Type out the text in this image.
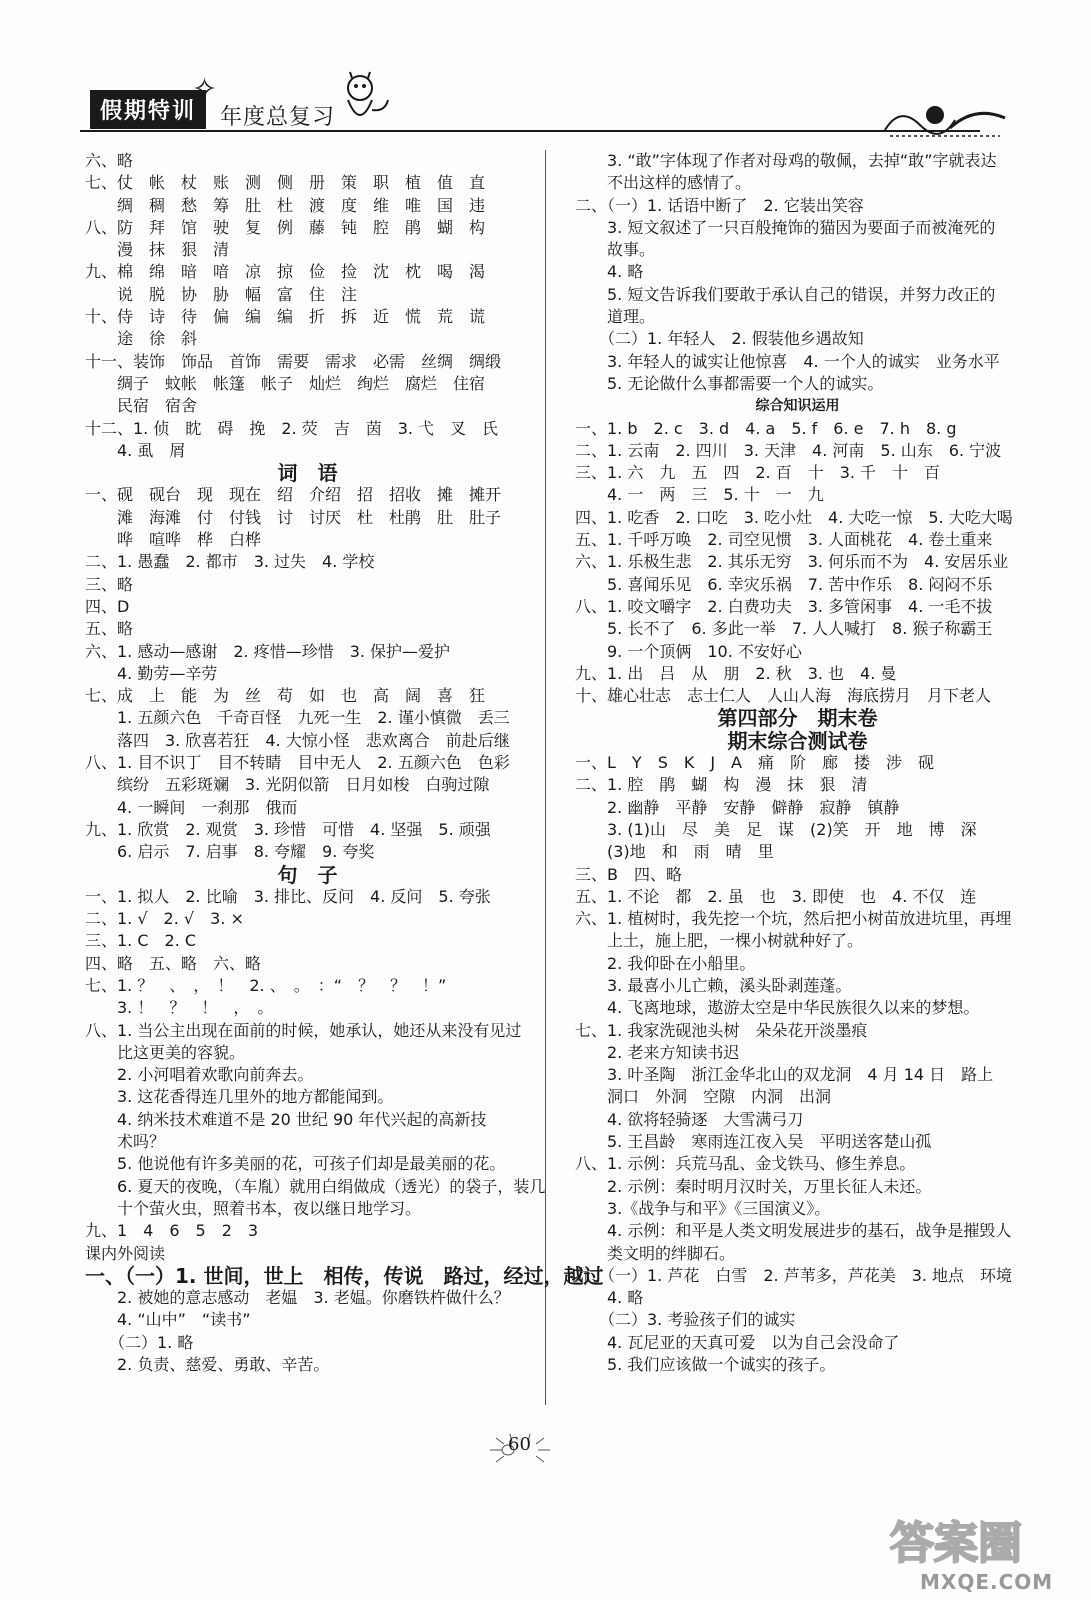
假期特训
✧
年度总复习
六、略
七、仗　帐　杖　账　测　侧　册　策　职　植　值　直
　　绸　稠　愁　筹　肚　杜　渡　度　维　唯　国　违
八、防　拜　馆　驶　复　例　藤　钝　腔　鹃　蝴　构
　　漫　抹　狠　清
九、棉　绵　暗　喑　凉　掠　俭　捡　沈　枕　喝　渴
　　说　脱　协　胁　幅　富　住　注
十、侍　诗　待　偏　编　编　折　拆　近　慌　荒　谎
　　途　徐　斜
十一、装饰　饰品　首饰　需要　需求　必需　丝绸　绸缎
　　绸子　蚊帐　帐篷　帐子　灿烂　绚烂　腐烂　住宿
　　民宿　宿舍
十二、1. 侦　眈　碍　挽　2. 荧　吉　茵　3. 弋　叉　氏
　　4. 虱　屑
词　语
一、砚　砚台　现　现在　绍　介绍　招　招收　摊　摊开
　　滩　海滩　付　付钱　讨　讨厌　杜　杜鹃　肚　肚子
　　哗　喧哗　桦　白桦
二、1. 愚蠢　2. 都市　3. 过失　4. 学校
三、略
四、D
五、略
六、1. 感动—感谢　2. 疼惜—珍惜　3. 保护—爱护
　　4. 勤劳—辛劳
七、成　上　能　为　丝　苟　如　也　高　阔　喜　狂
　　1. 五颜六色　千奇百怪　九死一生　2. 谨小慎微　丢三
　　落四　3. 欣喜若狂　4. 大惊小怪　悲欢离合　前赴后继
八、1. 目不识丁　目不转睛　目中无人　2. 五颜六色　色彩
　　缤纷　五彩斑斓　3. 光阴似箭　日月如梭　白驹过隙
　　4. 一瞬间　一刹那　俄而
九、1. 欣赏　2. 观赏　3. 珍惜　可惜　4. 坚强　5. 顽强
　　6. 启示　7. 启事　8. 夸耀　9. 夸奖
句　子
一、1. 拟人　2. 比喻　3. 排比、反问　4. 反问　5. 夸张
二、1. √　2. √　3. ×
三、1. C　2. C
四、略　五、略　六、略
七、1. ？　、　，　！　2. 、　。　：“　？　？　！”
　　3. ！　？　！　，　。
八、1. 当公主出现在面前的时候，她承认，她还从来没有见过
　　比这更美的容貌。
　　2. 小河唱着欢歌向前奔去。
　　3. 这花香得连几里外的地方都能闻到。
　　4. 纳米技术难道不是 20 世纪 90 年代兴起的高新技
　　术吗？
　　5. 他说他有许多美丽的花，可孩子们却是最美丽的花。
　　6. 夏天的夜晚，（车胤）就用白绢做成（透光）的袋子，装几
　　十个萤火虫，照着书本，夜以继日地学习。
九、1　4　6　5　2　3
课内外阅读
一、（一）1. 世间，世上　相传，传说　路过，经过，越过
　　2. 被她的意志感动　老媪　3. 老媪。你磨铁杵做什么？
　　4. “山中”　“读书”
　　（二）1. 略
　　2. 负责、慈爱、勇敢、辛苦。
　　3. “敢”字体现了作者对母鸡的敬佩，去掉“敢”字就表达
　　不出这样的感情了。
二、（一）1. 话语中断了　2. 它装出笑容
　　3. 短文叙述了一只百般掩饰的猫因为要面子而被淹死的
　　故事。
　　4. 略
　　5. 短文告诉我们要敢于承认自己的错误，并努力改正的
　　道理。
　　（二）1. 年轻人　2. 假装他乡遇故知
　　3. 年轻人的诚实让他惊喜　4. 一个人的诚实　业务水平
　　5. 无论做什么事都需要一个人的诚实。
综合知识运用
一、1. b　2. c　3. d　4. a　5. f　6. e　7. h　8. g
二、1. 云南　2. 四川　3. 天津　4. 河南　5. 山东　6. 宁波
三、1. 六　九　五　四　2. 百　十　3. 千　十　百
　　4. 一　两　三　5. 十　一　九
四、1. 吃香　2. 口吃　3. 吃小灶　4. 大吃一惊　5. 大吃大喝
五、1. 千呼万唤　2. 司空见惯　3. 人面桃花　4. 卷土重来
六、1. 乐极生悲　2. 其乐无穷　3. 何乐而不为　4. 安居乐业
　　5. 喜闻乐见　6. 幸灾乐祸　7. 苦中作乐　8. 闷闷不乐
八、1. 咬文嚼字　2. 白费功夫　3. 多管闲事　4. 一毛不拔
　　5. 长不了　6. 多此一举　7. 人人喊打　8. 猴子称霸王
　　9. 一个顶俩　10. 不安好心
九、1. 出　吕　从　朋　2. 秋　3. 也　4. 曼
十、雄心壮志　志士仁人　人山人海　海底捞月　月下老人
第四部分　期末卷
期末综合测试卷
一、L　Y　S　K　J　A　痛　阶　廊　搂　涉　砚
二、1. 腔　鹃　蝴　构　漫　抹　狠　清
　　2. 幽静　平静　安静　僻静　寂静　镇静
　　3. (1)山　尽　美　足　谋　(2)笑　开　地　博　深
　　(3)地　和　雨　晴　里
三、B　四、略
五、1. 不论　都　2. 虽　也　3. 即使　也　4. 不仅　连
六、1. 植树时，我先挖一个坑，然后把小树苗放进坑里，再埋
　　上土，施上肥，一棵小树就种好了。
　　2. 我仰卧在小船里。
　　3. 最喜小儿亡赖，溪头卧剥莲蓬。
　　4. 飞离地球，遨游太空是中华民族很久以来的梦想。
七、1. 我家洗砚池头树　朵朵花开淡墨痕
　　2. 老来方知读书迟
　　3. 叶圣陶　浙江金华北山的双龙洞　4 月 14 日　路上
　　洞口　外洞　空隙　内洞　出洞
　　4. 欲将轻骑逐　大雪满弓刀
　　5. 王昌龄　寒雨连江夜入吴　平明送客楚山孤
八、1. 示例：兵荒马乱、金戈铁马、修生养息。
　　2. 示例：秦时明月汉时关，万里长征人未还。
　　3.《战争与和平》《三国演义》。
　　4. 示例：和平是人类文明发展进步的基石，战争是摧毁人
　　类文明的绊脚石。
九、（一）1. 芦花　白雪　2. 芦苇多，芦花美　3. 地点　环境
　　4. 略
　　（二）3. 考验孩子们的诚实
　　4. 瓦尼亚的天真可爱　以为自己会没命了
　　5. 我们应该做一个诚实的孩子。
60
答案圈
MXQE.COM
